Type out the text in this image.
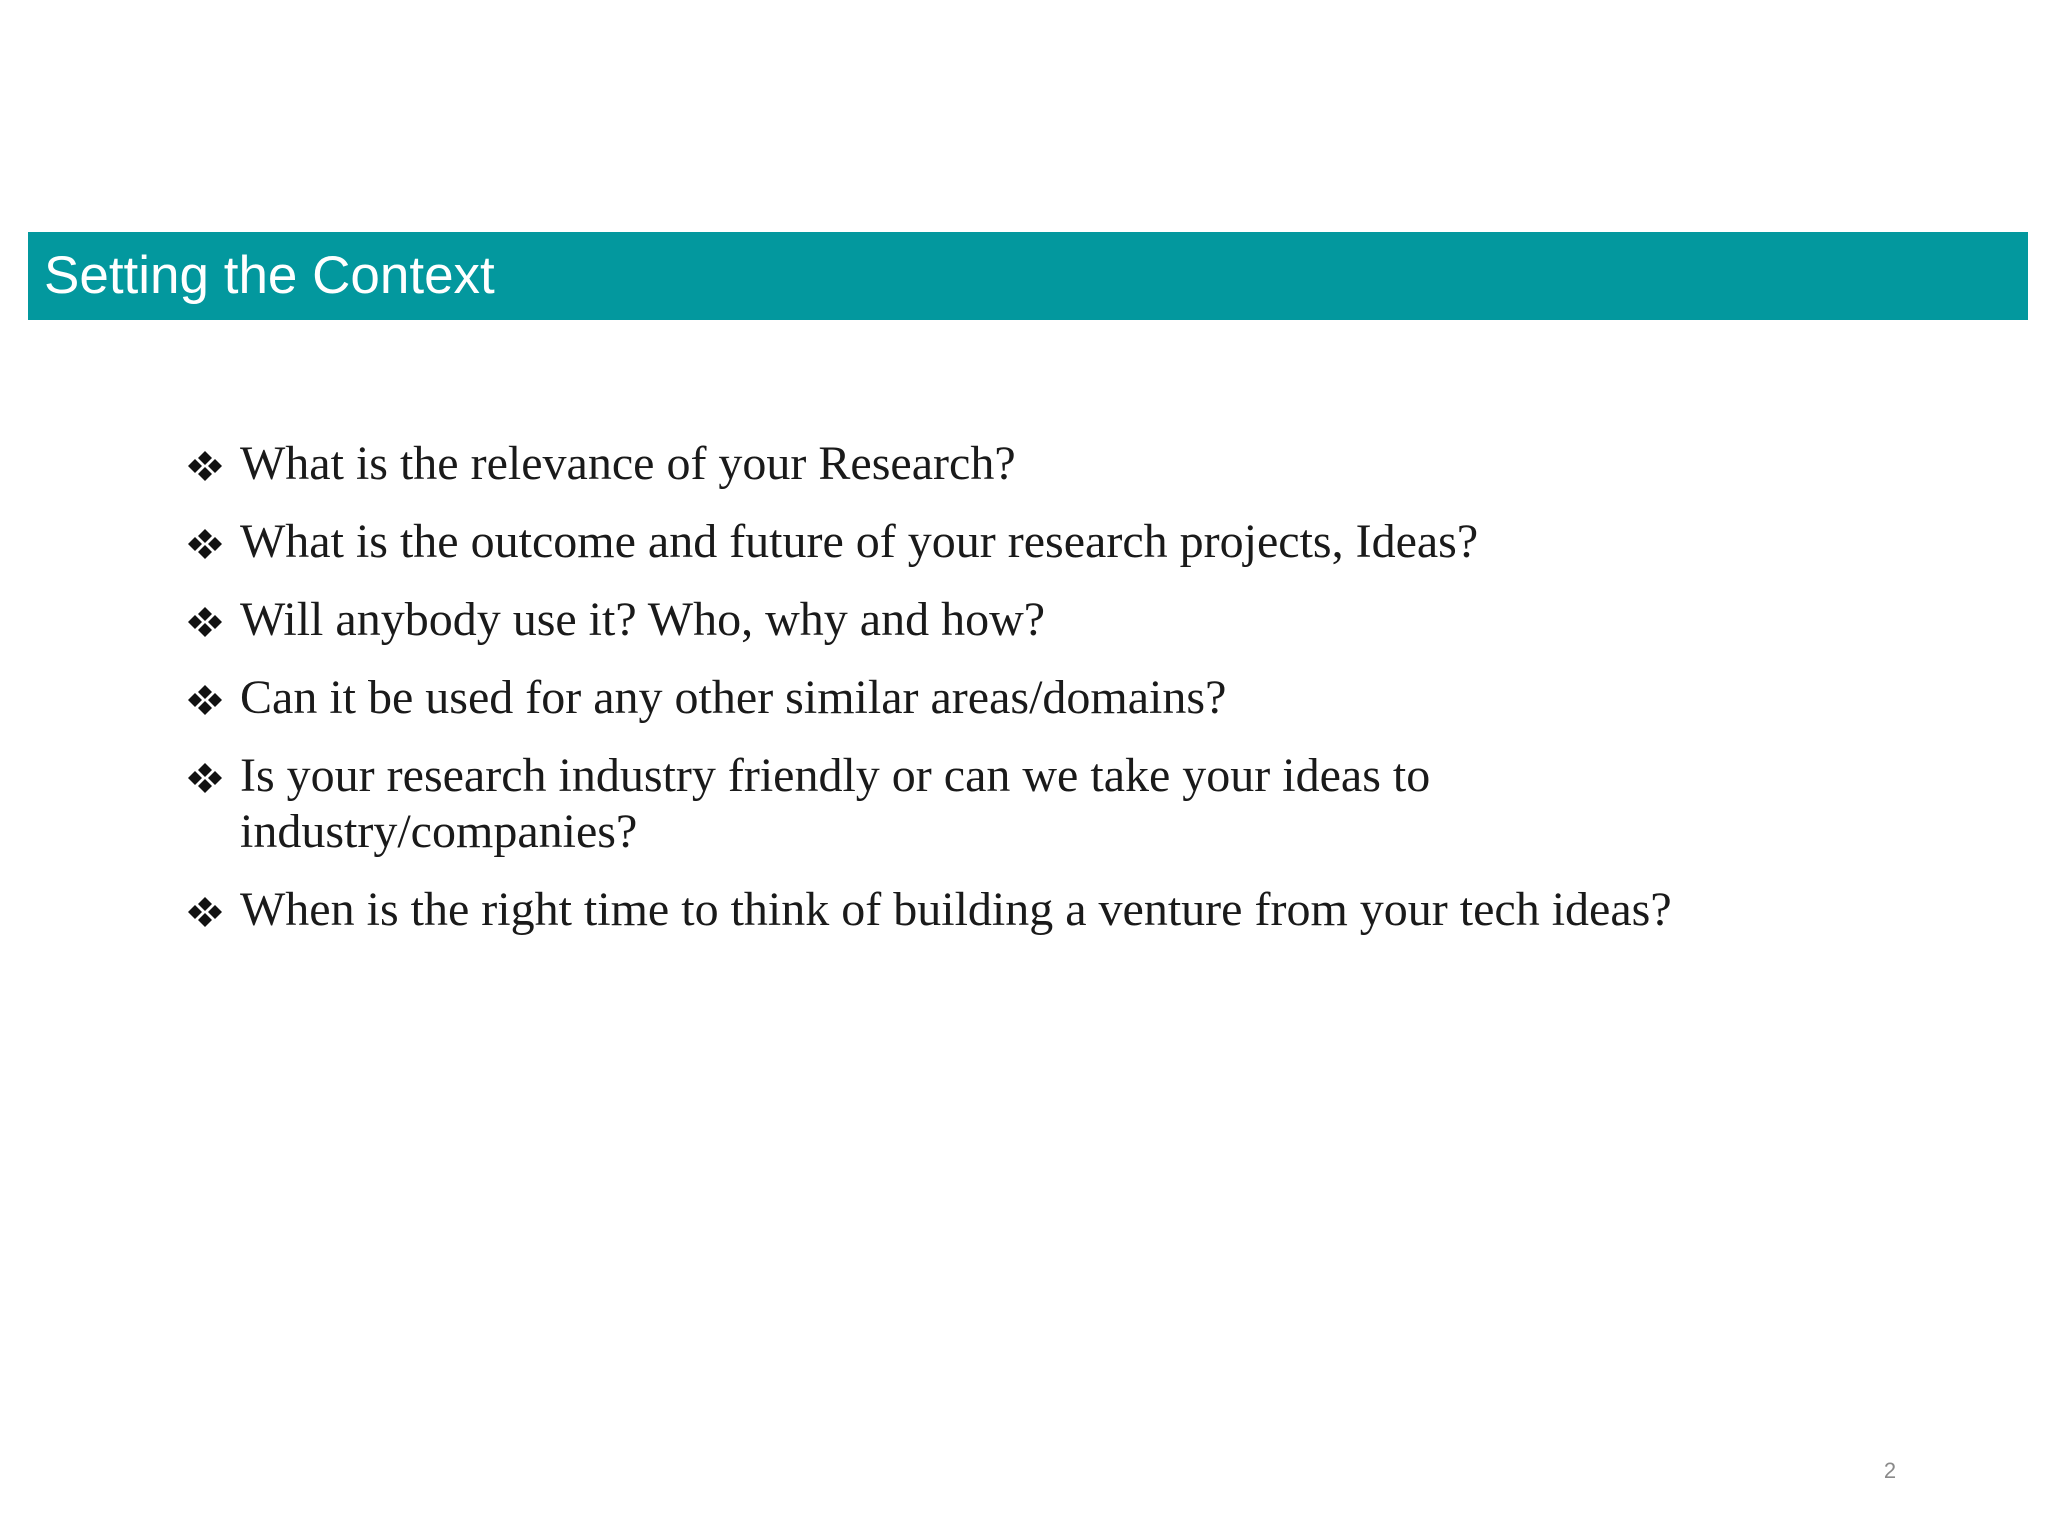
Setting the Context
What is the relevance of your Research?
What is the outcome and future of your research projects, Ideas?
Will anybody use it? Who, why and how?
Can it be used for any other similar areas/domains?
Is your research industry friendly or can we take your ideas to industry/companies?
When is the right time to think of building a venture from your tech ideas?
2
